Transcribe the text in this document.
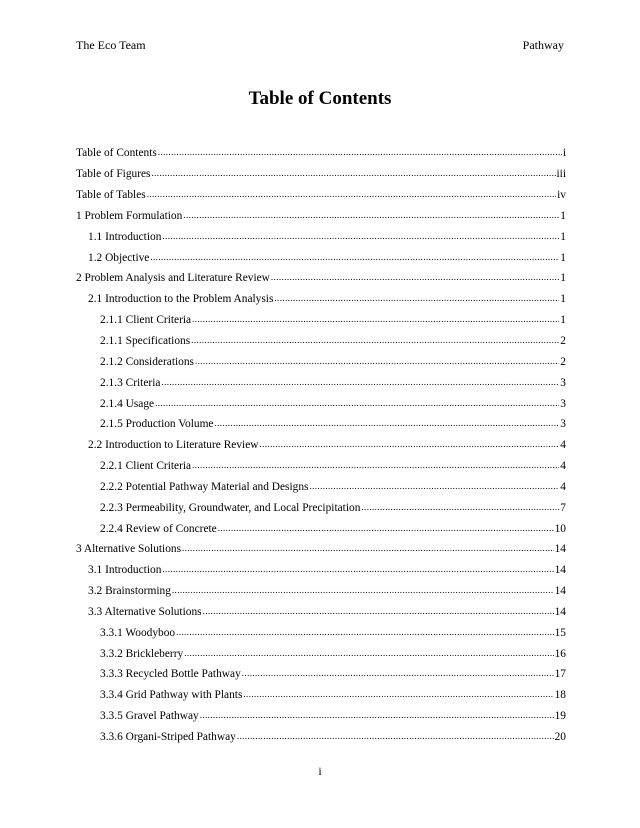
The Eco Team	Pathway
Table of Contents
Table of Contents .....	i
Table of Figures .....	iii
Table of Tables .....	iv
1 Problem Formulation .....	1
1.1 Introduction .....	1
1.2 Objective .....	1
2 Problem Analysis and Literature Review .....	1
2.1 Introduction to the Problem Analysis .....	1
2.1.1 Client Criteria .....	1
2.1.1 Specifications .....	2
2.1.2 Considerations .....	2
2.1.3 Criteria .....	3
2.1.4 Usage .....	3
2.1.5 Production Volume .....	3
2.2 Introduction to Literature Review .....	4
2.2.1 Client Criteria .....	4
2.2.2 Potential Pathway Material and Designs .....	4
2.2.3 Permeability, Groundwater, and Local Precipitation .....	7
2.2.4 Review of Concrete .....	10
3 Alternative Solutions .....	14
3.1 Introduction .....	14
3.2 Brainstorming .....	14
3.3 Alternative Solutions .....	14
3.3.1 Woodyboo .....	15
3.3.2 Brickleberry .....	16
3.3.3 Recycled Bottle Pathway .....	17
3.3.4 Grid Pathway with Plants .....	18
3.3.5 Gravel Pathway .....	19
3.3.6 Organi-Striped Pathway .....	20
i
